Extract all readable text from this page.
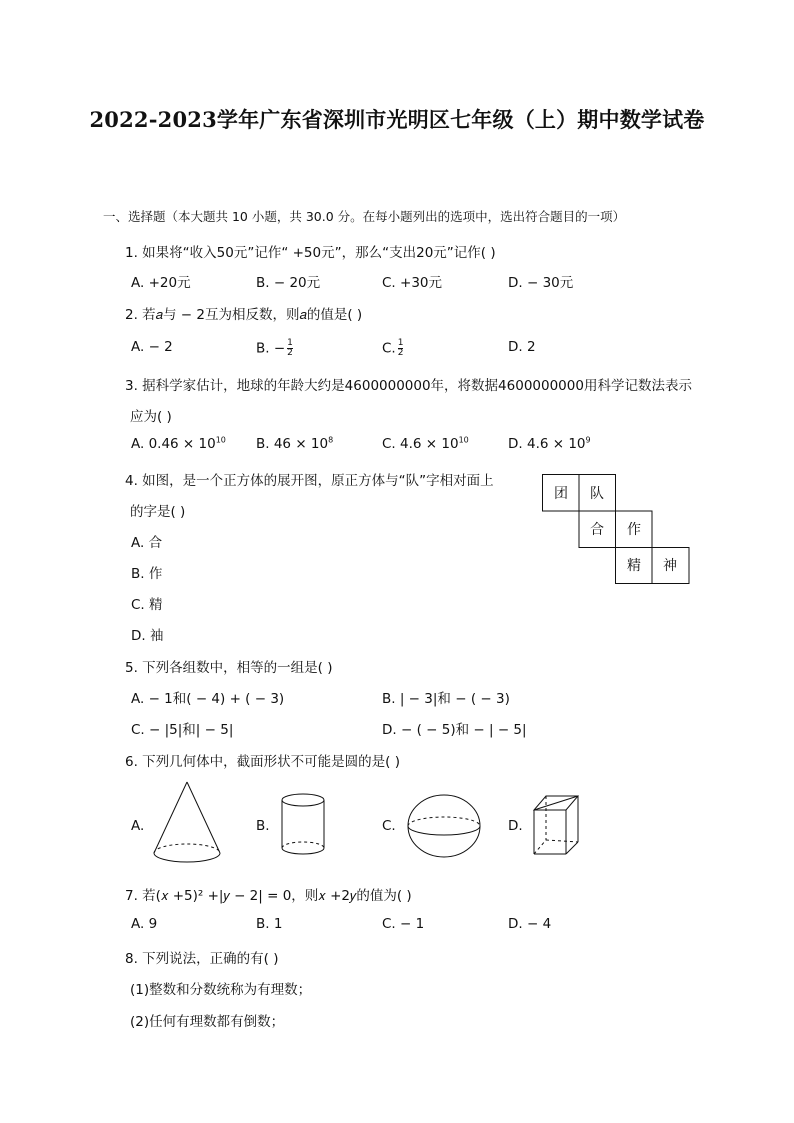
2022-2023学年广东省深圳市光明区七年级（上）期中数学试卷
一、选择题（本大题共 10 小题，共 30.0 分。在每小题列出的选项中，选出符合题目的一项）
1. 如果将“收入50元”记作“ +50元”，那么“支出20元”记作( )
A. +20元	B. − 20元	C. +30元	D. − 30元
2. 若𝑎与 − 2互为相反数，则𝑎的值是( )
A. − 2	B. − $\frac{1}{2}$	C. $\frac{1}{2}$	D. 2
3. 据科学家估计，地球的年龄大约是4600000000年，将数据4600000000用科学记数法表示
应为( )
A. $0.46 \times 10^{10}$ B. $46 \times 10^8$	C. $4.6 \times 10^{10}$	D. $4.6 \times 10^9$
4. 如图，是一个正方体的展开图，原正方体与“队”字相对面上
的字是( )
A. 合
B. 作
C. 精
D. 袖
团 队
合 作
精 神
5. 下列各组数中，相等的一组是( )
A. − 1和( − 4) + ( − 3)	B. | − 3|和 − ( − 3)
C. − |5|和| − 5|	D. − ( − 5)和 − | − 5|
6. 下列几何体中，截面形状不可能是圆的是( )
A.	B.	C.	D.
7. 若(𝑥 +5)² +|𝑦 − 2| = 0，则𝑥 +2𝑦的值为( )
A. 9	B. 1	C. − 1	D. − 4
8. 下列说法，正确的有( )
(1)整数和分数统称为有理数；
(2)任何有理数都有倒数；
